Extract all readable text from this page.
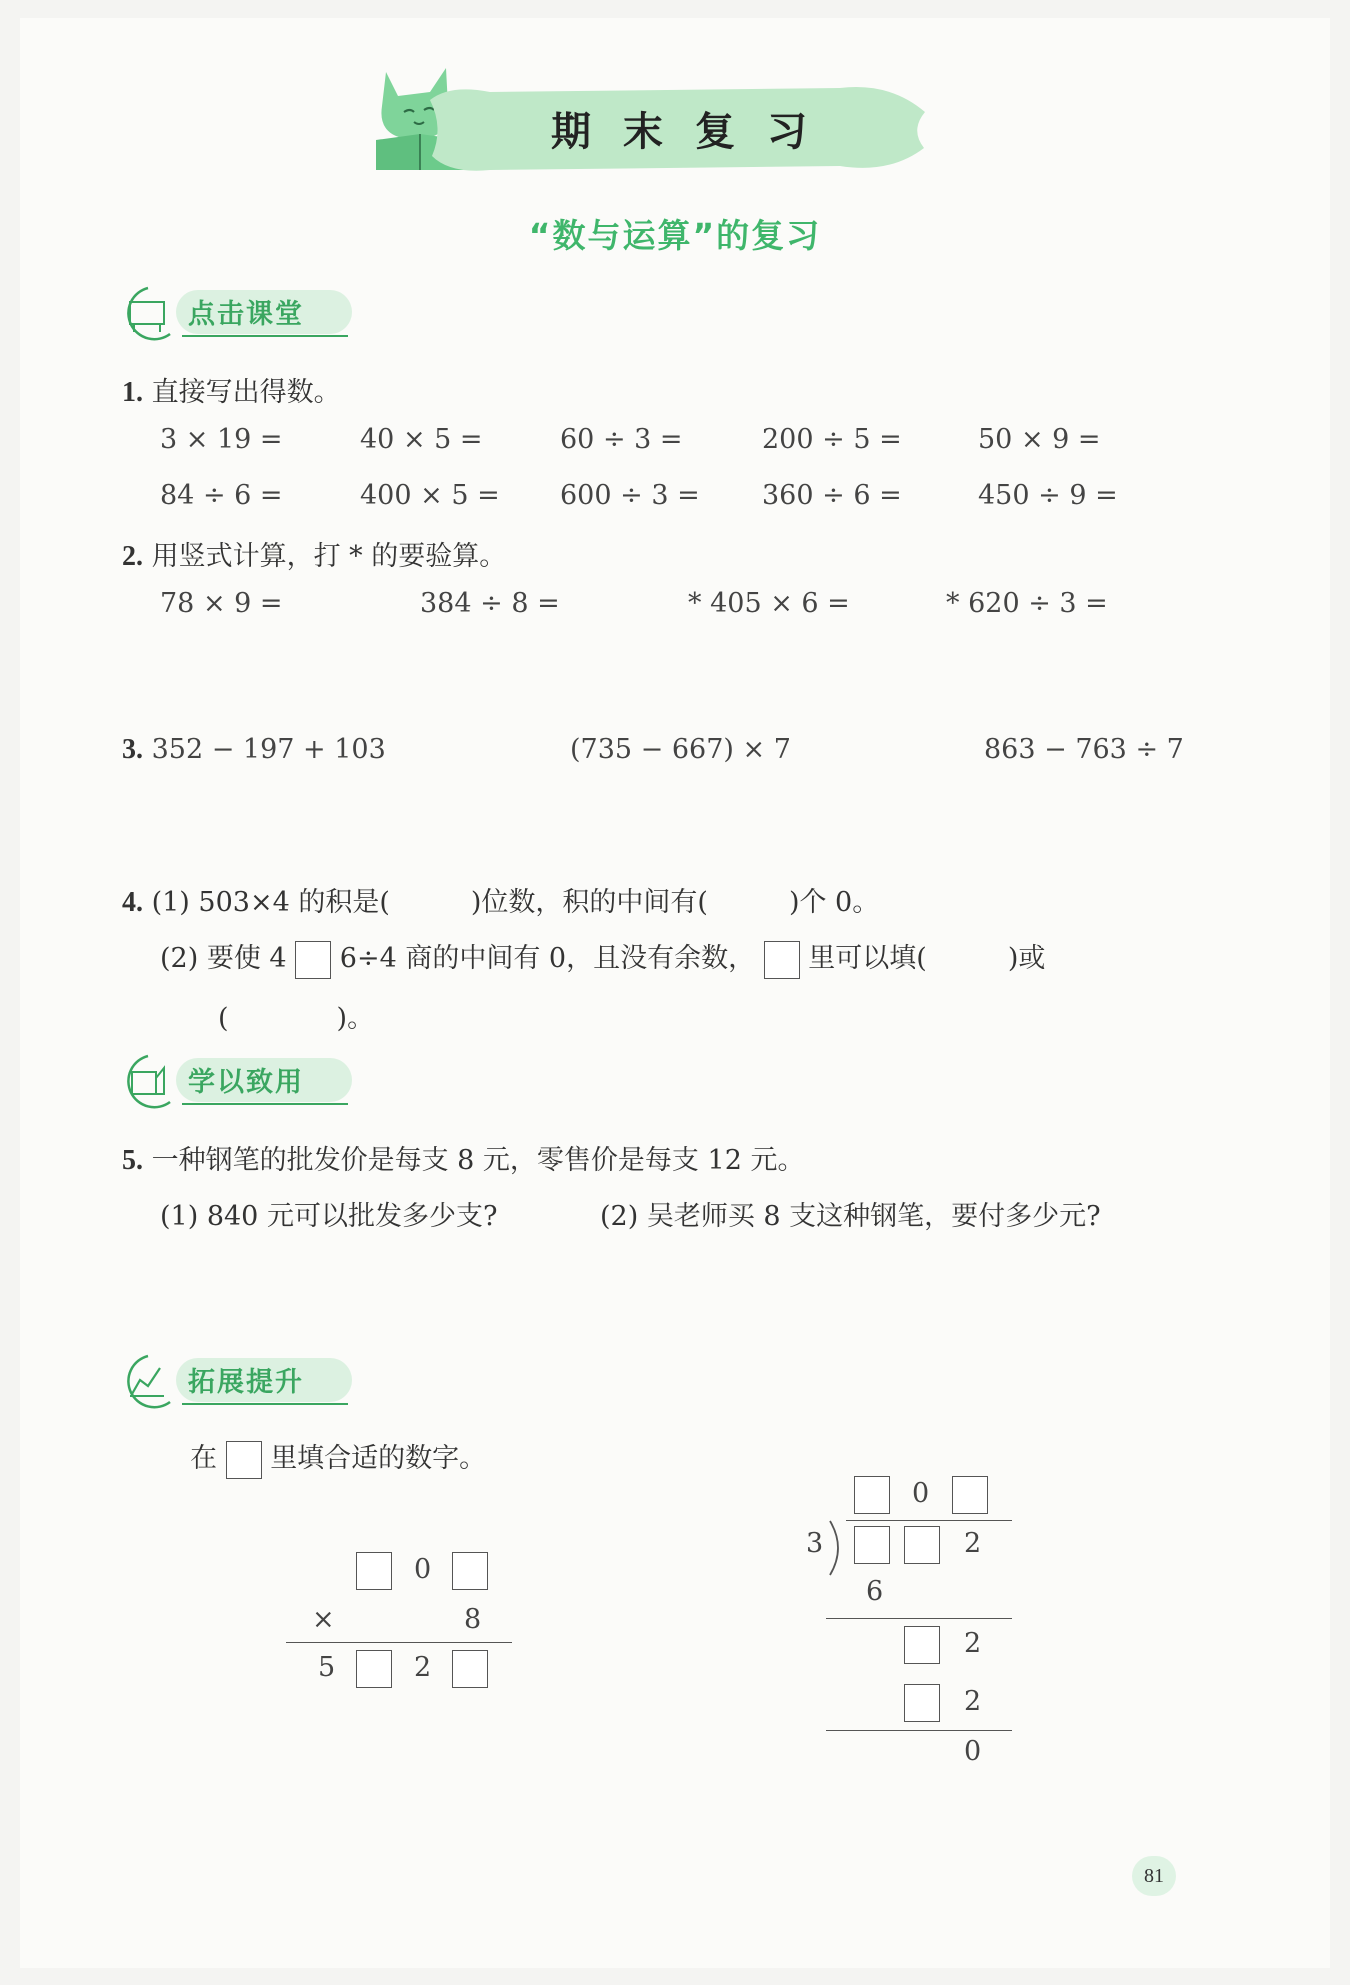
期末复习
“数与运算”的复习
点击课堂
1. 直接写出得数。
3 × 19 =	40 × 5 =	60 ÷ 3 =	200 ÷ 5 =	50 × 9 =
84 ÷ 6 =	400 × 5 = 600 ÷ 3 = 360 ÷ 6 =	450 ÷ 9 =
2. 用竖式计算，打 * 的要验算。
78 × 9 =	384 ÷ 8 =	* 405 × 6 =	* 620 ÷ 3 =
3. 352 − 197 + 103	(735 − 667) × 7	863 − 763 ÷ 7
4. (1) 503×4 的积是(　　　)位数，积的中间有(　　　)个 0。
(2) 要使 4 6÷4 商的中间有 0，且没有余数， 里可以填(　　　)或
(　　　　)。
学以致用
5. 一种钢笔的批发价是每支 8 元，零售价是每支 12 元。
(1) 840 元可以批发多少支?	(2) 吴老师买 8 支这种钢笔，要付多少元?
拓展提升
在 里填合适的数字。
0
×	8
5	2
0
3	2
6
2
2
0
81
